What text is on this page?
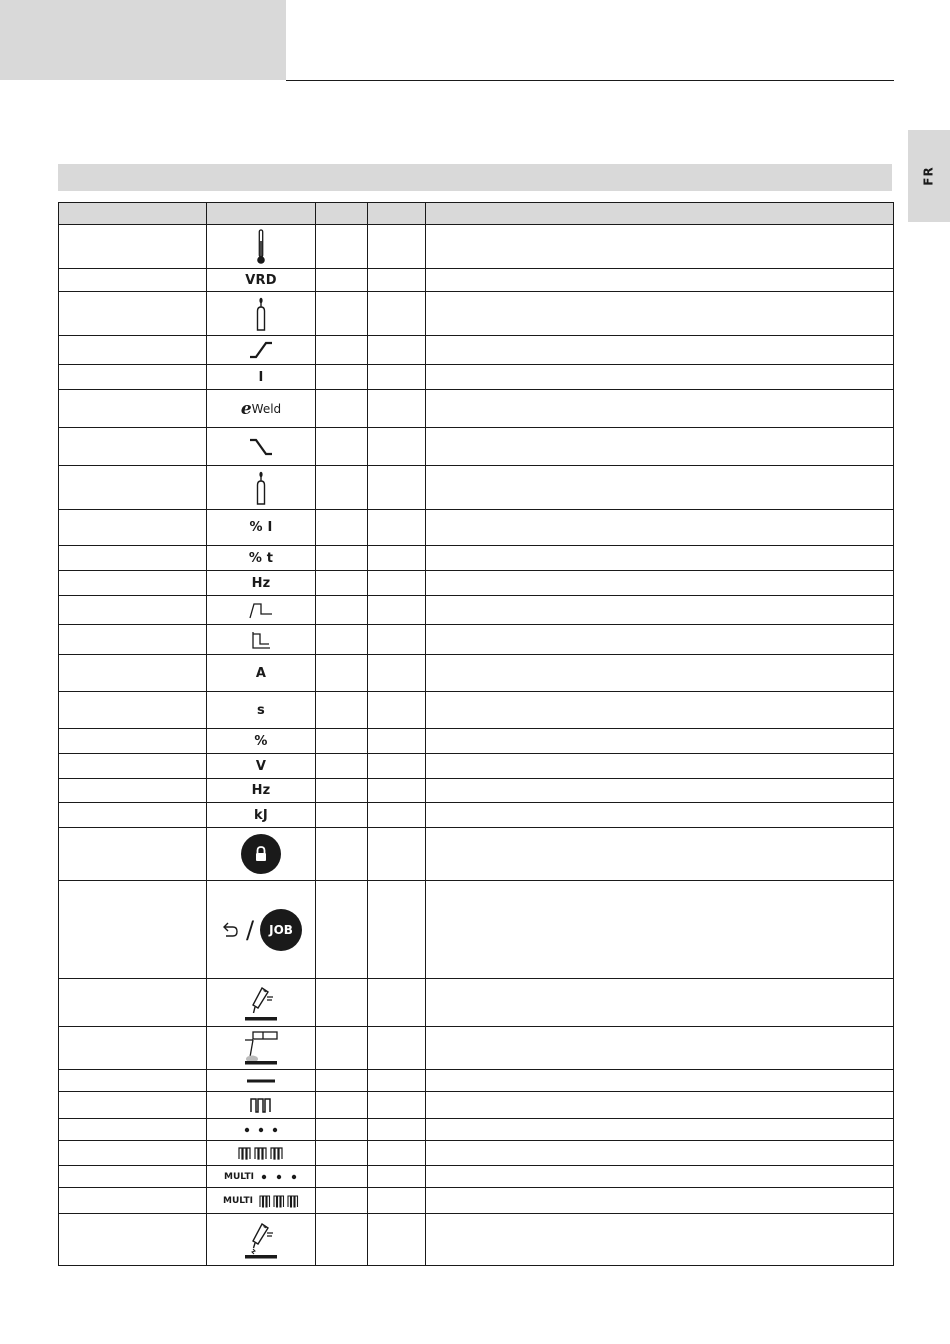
FR

	VRD			

	I			

	e Weld			

	% I			
	% t			
	Hz			

	A			
	s			
	%			
	V			
	Hz			
	kJ			

	/ JOB			

	MULTI			

	MULTI			
